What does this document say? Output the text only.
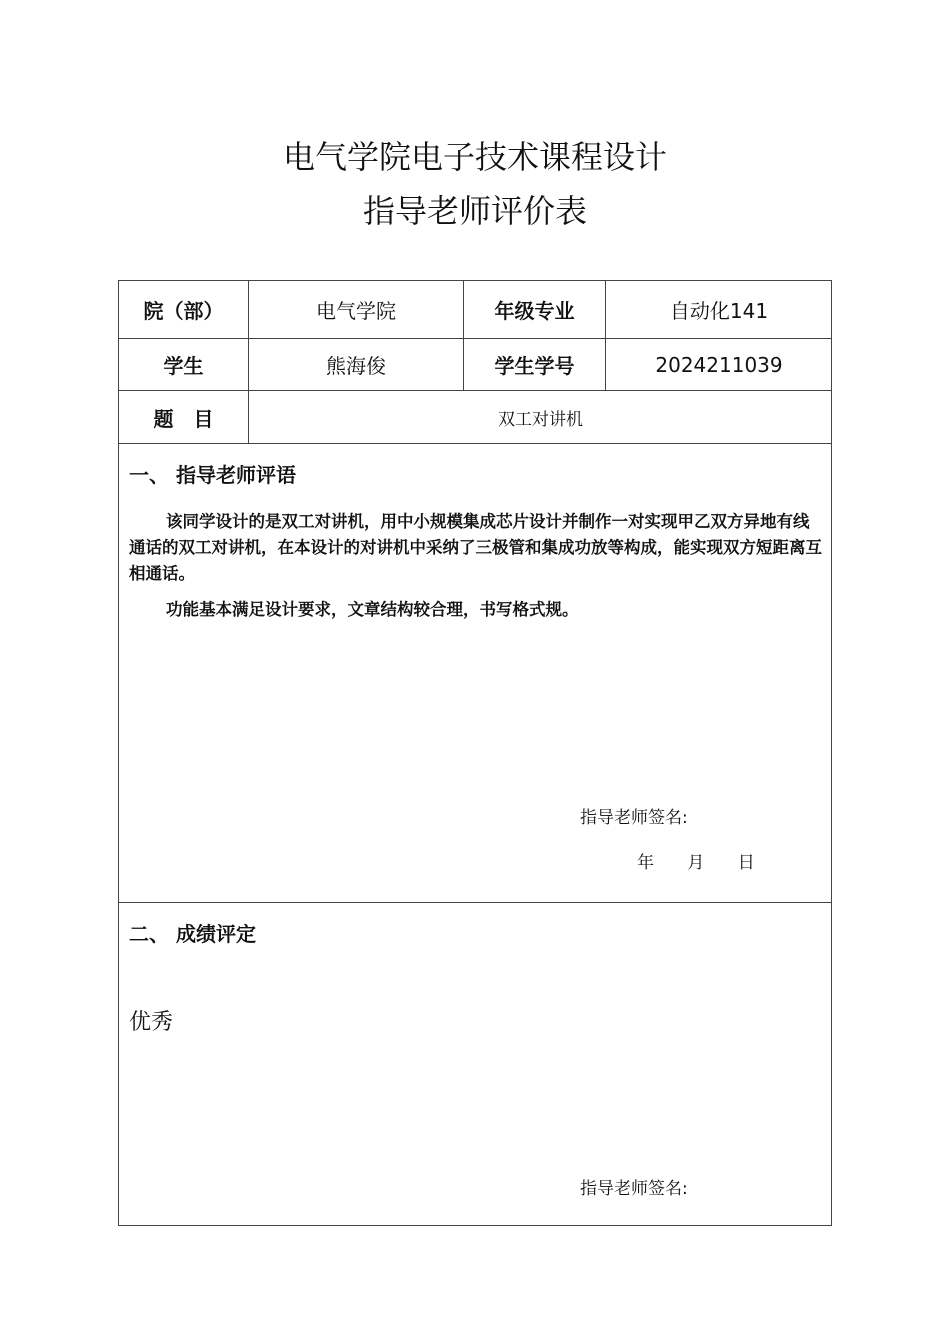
电气学院电子技术课程设计
指导老师评价表
院（部）	电气学院	年级专业	自动化141
学生	熊海俊	学生学号	2024211039
题　目	双工对讲机
一、 指导老师评语

该同学设计的是双工对讲机，用中小规模集成芯片设计并制作一对实现甲乙双方异地有线通话的双工对讲机，在本设计的对讲机中采纳了三极管和集成功放等构成，能实现双方短距离互相通话。

功能基本满足设计要求，文章结构较合理，书写格式规。

指导老师签名:
年 月 日
二、 成绩评定
优秀
指导老师签名:
